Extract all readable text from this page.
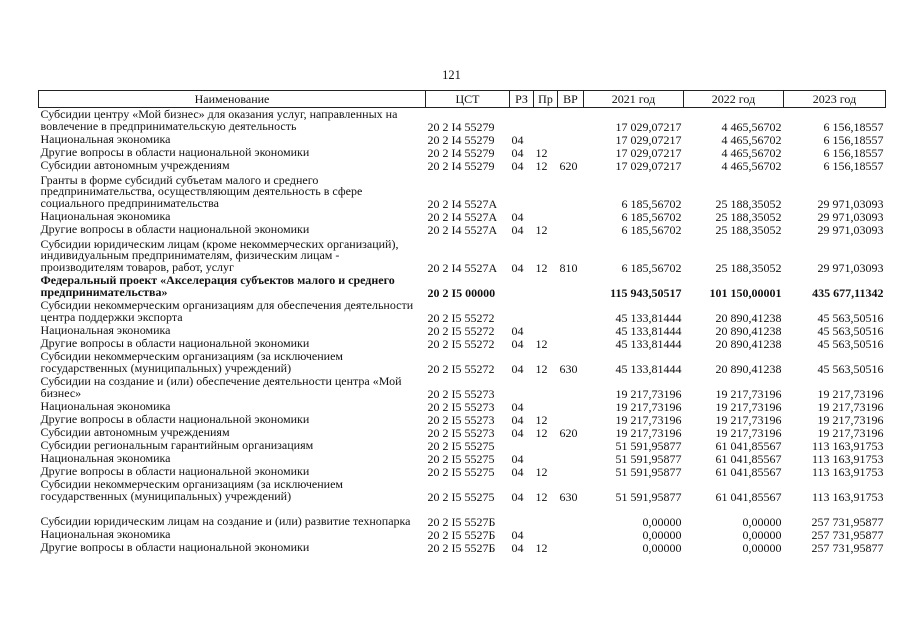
121
Наименование	ЦСТ	РЗ	Пр	ВР	2021 год	2022 год	2023 год
Субсидии центру «Мой бизнес» для оказания услуг, направленных на вовлечение в предпринимательскую деятельность	20 2 I4 55279				17 029,07217	4 465,56702	6 156,18557
Национальная экономика	20 2 I4 55279	04			17 029,07217	4 465,56702	6 156,18557
Другие вопросы в области национальной экономики	20 2 I4 55279	04	12		17 029,07217	4 465,56702	6 156,18557
Субсидии автономным учреждениям	20 2 I4 55279	04	12	620	17 029,07217	4 465,56702	6 156,18557
Гранты в форме субсидий субъетам малого и среднего предпринимательства, осуществляющим деятельность в сфере социального предпринимательства	20 2 I4 5527A				6 185,56702	25 188,35052	29 971,03093
Национальная экономика	20 2 I4 5527A	04			6 185,56702	25 188,35052	29 971,03093
Другие вопросы в области национальной экономики	20 2 I4 5527A	04	12		6 185,56702	25 188,35052	29 971,03093
Субсидии юридическим лицам (кроме некоммерческих организаций), индивидуальным предпринимателям, физическим лицам - производителям товаров, работ, услуг	20 2 I4 5527A	04	12	810	6 185,56702	25 188,35052	29 971,03093
Федеральный проект «Акселерация субъектов малого и среднего предпринимательства»	20 2 I5 00000				115 943,50517	101 150,00001	435 677,11342
Субсидии некоммерческим организациям для обеспечения деятельности центра поддержки экспорта	20 2 I5 55272				45 133,81444	20 890,41238	45 563,50516
Национальная экономика	20 2 I5 55272	04			45 133,81444	20 890,41238	45 563,50516
Другие вопросы в области национальной экономики	20 2 I5 55272	04	12		45 133,81444	20 890,41238	45 563,50516
Субсидии некоммерческим организациям (за исключением государственных (муниципальных) учреждений)	20 2 I5 55272	04	12	630	45 133,81444	20 890,41238	45 563,50516
Субсидии на создание и (или) обеспечение деятельности центра «Мой бизнес»	20 2 I5 55273				19 217,73196	19 217,73196	19 217,73196
Национальная экономика	20 2 I5 55273	04			19 217,73196	19 217,73196	19 217,73196
Другие вопросы в области национальной экономики	20 2 I5 55273	04	12		19 217,73196	19 217,73196	19 217,73196
Субсидии автономным учреждениям	20 2 I5 55273	04	12	620	19 217,73196	19 217,73196	19 217,73196
Субсидии региональным гарантийным организациям	20 2 I5 55275				51 591,95877	61 041,85567	113 163,91753
Национальная экономика	20 2 I5 55275	04			51 591,95877	61 041,85567	113 163,91753
Другие вопросы в области национальной экономики	20 2 I5 55275	04	12		51 591,95877	61 041,85567	113 163,91753
Субсидии некоммерческим организациям (за исключением государственных (муниципальных) учреждений)	20 2 I5 55275	04	12	630	51 591,95877	61 041,85567	113 163,91753
Субсидии юридическим лицам на создание и (или) развитие технопарка	20 2 I5 5527Б				0,00000	0,00000	257 731,95877
Национальная экономика	20 2 I5 5527Б	04			0,00000	0,00000	257 731,95877
Другие вопросы в области национальной экономики	20 2 I5 5527Б	04	12		0,00000	0,00000	257 731,95877
